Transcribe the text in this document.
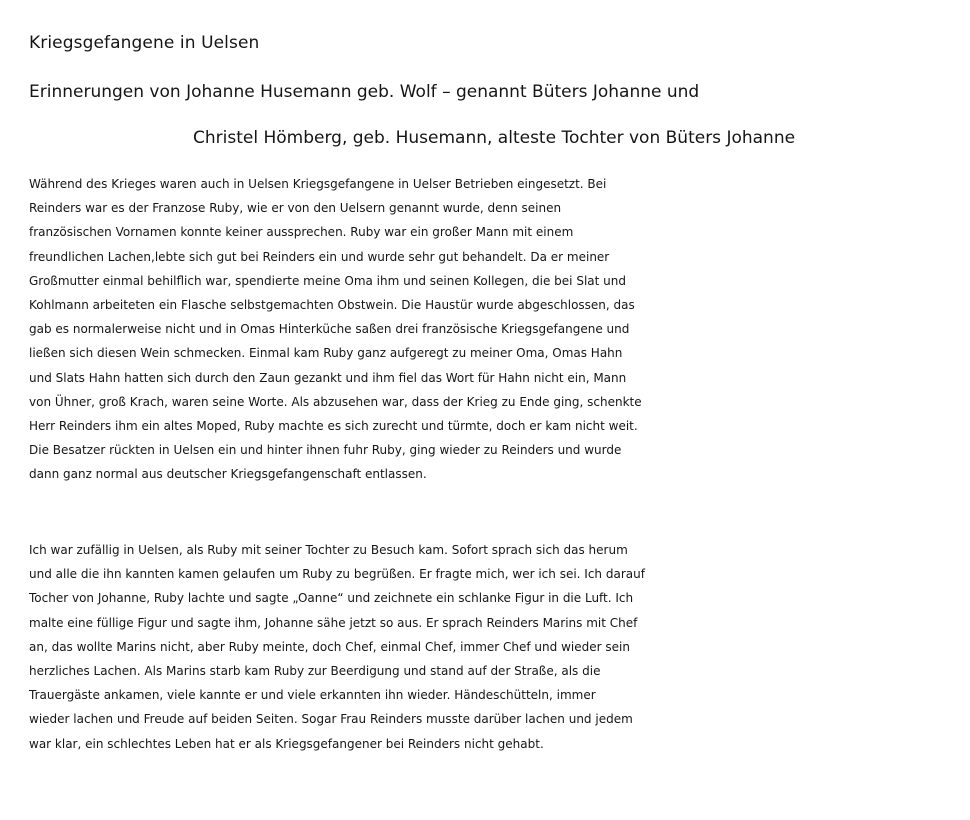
Kriegsgefangene in Uelsen
Erinnerungen von Johanne Husemann geb. Wolf – genannt Büters Johanne und
Christel Hömberg, geb. Husemann, alteste Tochter von Büters Johanne
Während des Krieges waren auch in Uelsen Kriegsgefangene in Uelser Betrieben eingesetzt. Bei
Reinders war es der Franzose Ruby, wie er von den Uelsern genannt wurde, denn seinen
französischen Vornamen konnte keiner aussprechen. Ruby war ein großer Mann mit einem
freundlichen Lachen,lebte sich gut bei Reinders ein und wurde sehr gut behandelt. Da er meiner
Großmutter einmal behilflich war, spendierte meine Oma ihm und seinen Kollegen, die bei Slat und
Kohlmann arbeiteten ein Flasche selbstgemachten Obstwein. Die Haustür wurde abgeschlossen, das
gab es normalerweise nicht und in Omas Hinterküche saßen drei französische Kriegsgefangene und
ließen sich diesen Wein schmecken. Einmal kam Ruby ganz aufgeregt zu meiner Oma, Omas Hahn
und Slats Hahn hatten sich durch den Zaun gezankt und ihm fiel das Wort für Hahn nicht ein, Mann
von Ühner, groß Krach, waren seine Worte. Als abzusehen war, dass der Krieg zu Ende ging, schenkte
Herr Reinders ihm ein altes Moped, Ruby machte es sich zurecht und türmte, doch er kam nicht weit.
Die Besatzer rückten in Uelsen ein und hinter ihnen fuhr Ruby, ging wieder zu Reinders und wurde
dann ganz normal aus deutscher Kriegsgefangenschaft entlassen.
Ich war zufällig in Uelsen, als Ruby mit seiner Tochter zu Besuch kam. Sofort sprach sich das herum
und alle die ihn kannten kamen gelaufen um Ruby zu begrüßen. Er fragte mich, wer ich sei. Ich darauf
Tocher von Johanne, Ruby lachte und sagte „Oanne“ und zeichnete ein schlanke Figur in die Luft. Ich
malte eine füllige Figur und sagte ihm, Johanne sähe jetzt so aus. Er sprach Reinders Marins mit Chef
an, das wollte Marins nicht, aber Ruby meinte, doch Chef, einmal Chef, immer Chef und wieder sein
herzliches Lachen. Als Marins starb kam Ruby zur Beerdigung und stand auf der Straße, als die
Trauergäste ankamen, viele kannte er und viele erkannten ihn wieder. Händeschütteln, immer
wieder lachen und Freude auf beiden Seiten. Sogar Frau Reinders musste darüber lachen und jedem
war klar, ein schlechtes Leben hat er als Kriegsgefangener bei Reinders nicht gehabt.
